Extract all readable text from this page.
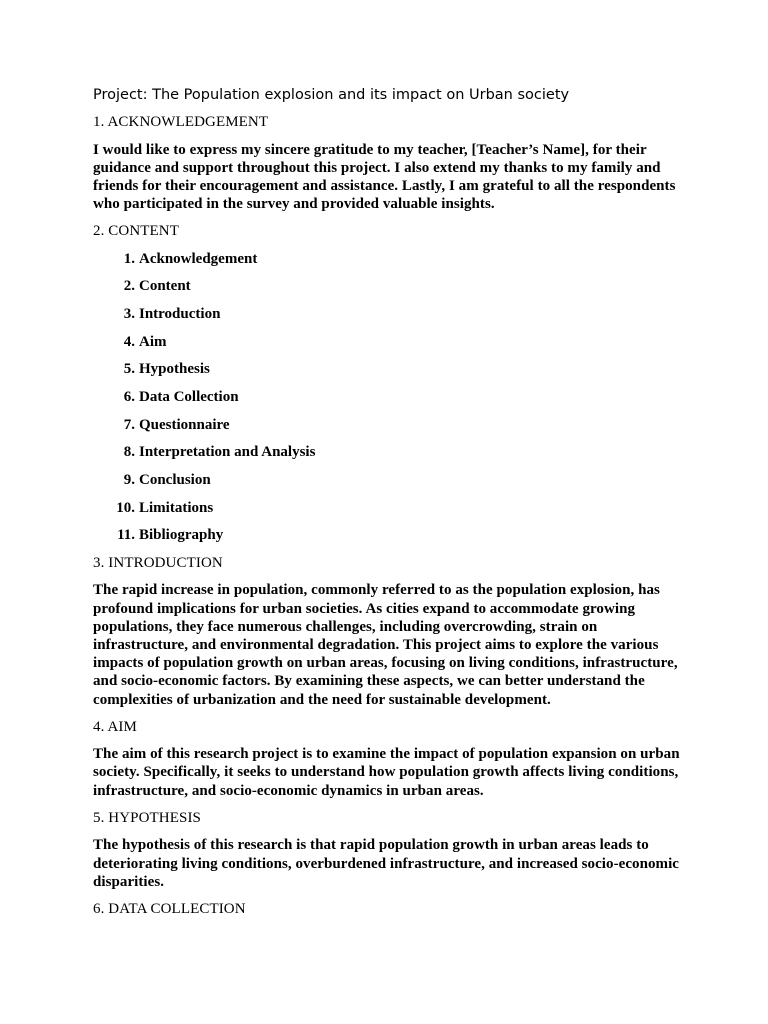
Project: The Population explosion and its impact on Urban society
1. ACKNOWLEDGEMENT

I would like to express my sincere gratitude to my teacher, [Teacher’s Name], for their guidance and support throughout this project. I also extend my thanks to my family and friends for their encouragement and assistance. Lastly, I am grateful to all the respondents who participated in the survey and provided valuable insights.

2. CONTENT
1. Acknowledgement
2. Content
3. Introduction
4. Aim
5. Hypothesis
6. Data Collection
7. Questionnaire
8. Interpretation and Analysis
9. Conclusion
10. Limitations
11. Bibliography
3. INTRODUCTION

The rapid increase in population, commonly referred to as the population explosion, has profound implications for urban societies. As cities expand to accommodate growing populations, they face numerous challenges, including overcrowding, strain on infrastructure, and environmental degradation. This project aims to explore the various impacts of population growth on urban areas, focusing on living conditions, infrastructure, and socio-economic factors. By examining these aspects, we can better understand the complexities of urbanization and the need for sustainable development.

4. AIM

The aim of this research project is to examine the impact of population expansion on urban society. Specifically, it seeks to understand how population growth affects living conditions, infrastructure, and socio-economic dynamics in urban areas.

5. HYPOTHESIS

The hypothesis of this research is that rapid population growth in urban areas leads to deteriorating living conditions, overburdened infrastructure, and increased socio-economic disparities.

6. DATA COLLECTION
